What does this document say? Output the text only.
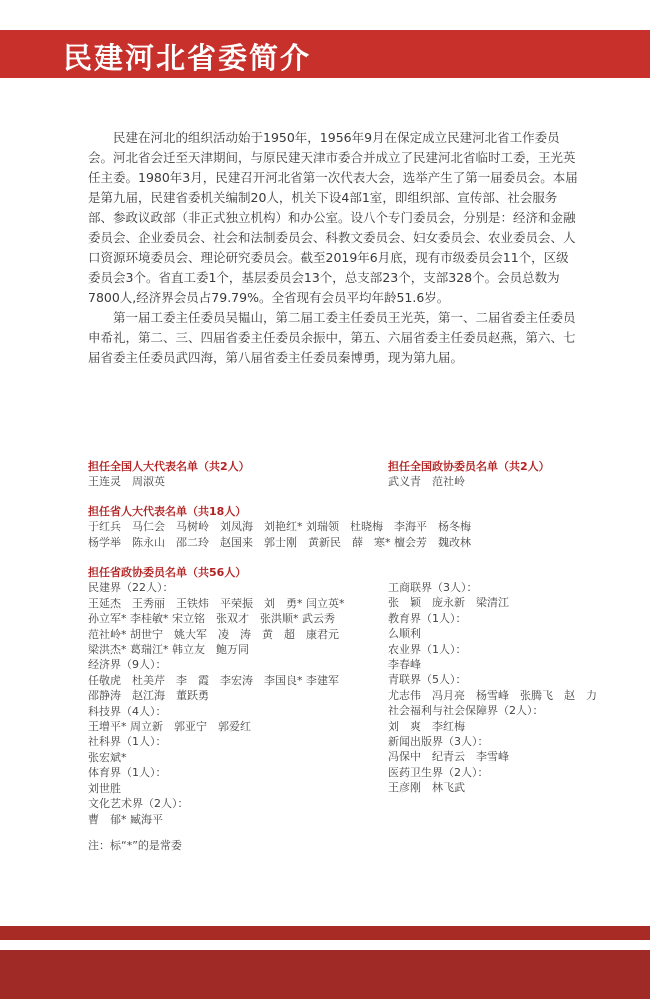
民建河北省委简介

民建在河北的组织活动始于1950年，1956年9月在保定成立民建河北省工作委员会。河北省会迁至天津期间，与原民建天津市委合并成立了民建河北省临时工委，王光英任主委。1980年3月，民建召开河北省第一次代表大会，选举产生了第一届委员会。本届是第九届，民建省委机关编制20人，机关下设4部1室，即组织部、宣传部、社会服务部、参政议政部（非正式独立机构）和办公室。设八个专门委员会，分别是：经济和金融委员会、企业委员会、社会和法制委员会、科教文委员会、妇女委员会、农业委员会、人口资源环境委员会、理论研究委员会。截至2019年6月底，现有市级委员会11个，区级委员会3个。省直工委1个，基层委员会13个，总支部23个，支部328个。会员总数为7800人,经济界会员占79.79%。全省现有会员平均年龄51.6岁。

第一届工委主任委员吴韫山，第二届工委主任委员王光英，第一、二届省委主任委员申希礼，第二、三、四届省委主任委员余振中，第五、六届省委主任委员赵燕，第六、七届省委主任委员武四海，第八届省委主任委员秦博勇，现为第九届。

担任全国人大代表名单（共2人）
王连灵　周淑英
担任全国政协委员名单（共2人）
武义青　范社岭
担任省人大代表名单（共18人）
于红兵　马仁会　马树岭　刘凤海　刘艳红* 刘瑞领　杜晓梅　李海平　杨冬梅
杨学举　陈永山　邵二玲　赵国来　郭士刚　黄新民　薛　寒* 檀会芳　魏改林
担任省政协委员名单（共56人）
民建界（22人）：
王延杰　王秀丽　王铁炜　平荣振　刘　勇* 闫立英*
孙立军* 李桂敏* 宋立铭　张双才　张洪顺* 武云秀
范社岭* 胡世宁　姚大军　凌　涛　黄　超　康君元
梁洪杰* 葛瑞江* 韩立友　鲍万同
经济界（9人）：
任敬虎　杜美芹　李　霞　李宏涛　李国良* 李建军
邵静涛　赵江海　董跃勇
科技界（4人）：
王增平* 周立新　郭亚宁　郭爱红
社科界（1人）：
张宏斌*
体育界（1人）：
刘世胜
文化艺术界（2人）：
曹　郁* 臧海平
工商联界（3人）：
张　颖　庞永新　梁清江
教育界（1人）：
么顺利
农业界（1人）：
李春峰
青联界（5人）：
尤志伟　冯月亮　杨雪峰　张腾飞　赵　力
社会福利与社会保障界（2人）：
刘　爽　李红梅
新闻出版界（3人）：
冯保中　纪青云　李雪峰
医药卫生界（2人）：
王彦刚　林飞武
注：标“*”的是常委
